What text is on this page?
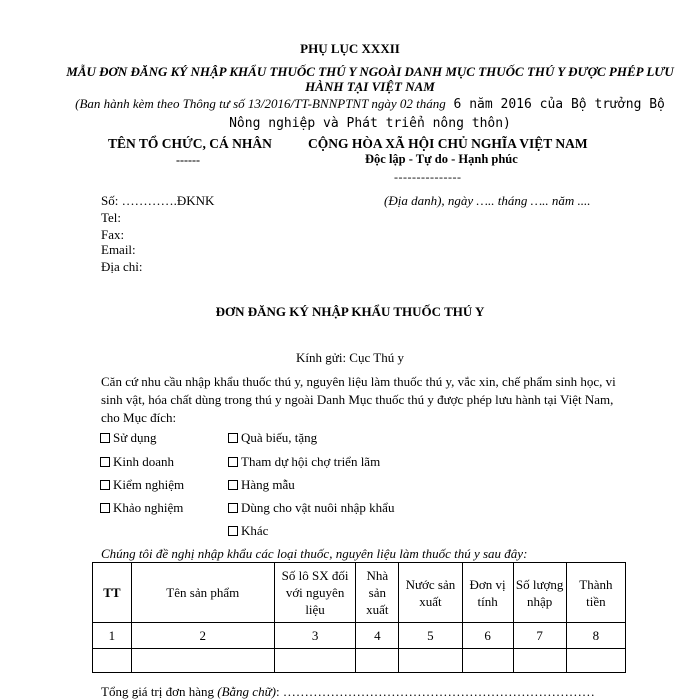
PHỤ LỤC XXXII
MẪU ĐƠN ĐĂNG KÝ NHẬP KHẨU THUỐC THÚ Y NGOÀI DANH MỤC THUỐC THÚ Y ĐƯỢC PHÉP LƯU HÀNH TẠI VIỆT NAM
(Ban hành kèm theo Thông tư số 13/2016/TT-BNNPTNT ngày 02 tháng 6 năm 2016 của Bộ trưởng Bộ Nông nghiệp và Phát triển nông thôn)
TÊN TỔ CHỨC, CÁ NHÂN
------
CỘNG HÒA XÃ HỘI CHỦ NGHĨA VIỆT NAM
Độc lập - Tự do - Hạnh phúc
---------------
Số: ………….ĐKNK
Tel:
Fax:
Email:
Địa chỉ:
(Địa danh), ngày ….. tháng ….. năm ....
ĐƠN ĐĂNG KÝ NHẬP KHẨU THUỐC THÚ Y
Kính gửi: Cục Thú y
Căn cứ nhu cầu nhập khẩu thuốc thú y, nguyên liệu làm thuốc thú y, vắc xin, chế phẩm sinh học, vi sinh vật, hóa chất dùng trong thú y ngoài Danh Mục thuốc thú y được phép lưu hành tại Việt Nam, cho Mục đích:
Sử dụng
Kinh doanh
Kiểm nghiệm
Khảo nghiệm
Quà biếu, tặng
Tham dự hội chợ triển lãm
Hàng mẫu
Dùng cho vật nuôi nhập khẩu
Khác
Chúng tôi đề nghị nhập khẩu các loại thuốc, nguyên liệu làm thuốc thú y sau đây:
TT	Tên sản phẩm	Số lô SX đối với nguyên liệu	Nhà sản xuất	Nước sản xuất	Đơn vị tính	Số lượng nhập	Thành tiền
1	2	3	4	5	6	7	8

Tổng giá trị đơn hàng (Bằng chữ): ………………………………………………………………
